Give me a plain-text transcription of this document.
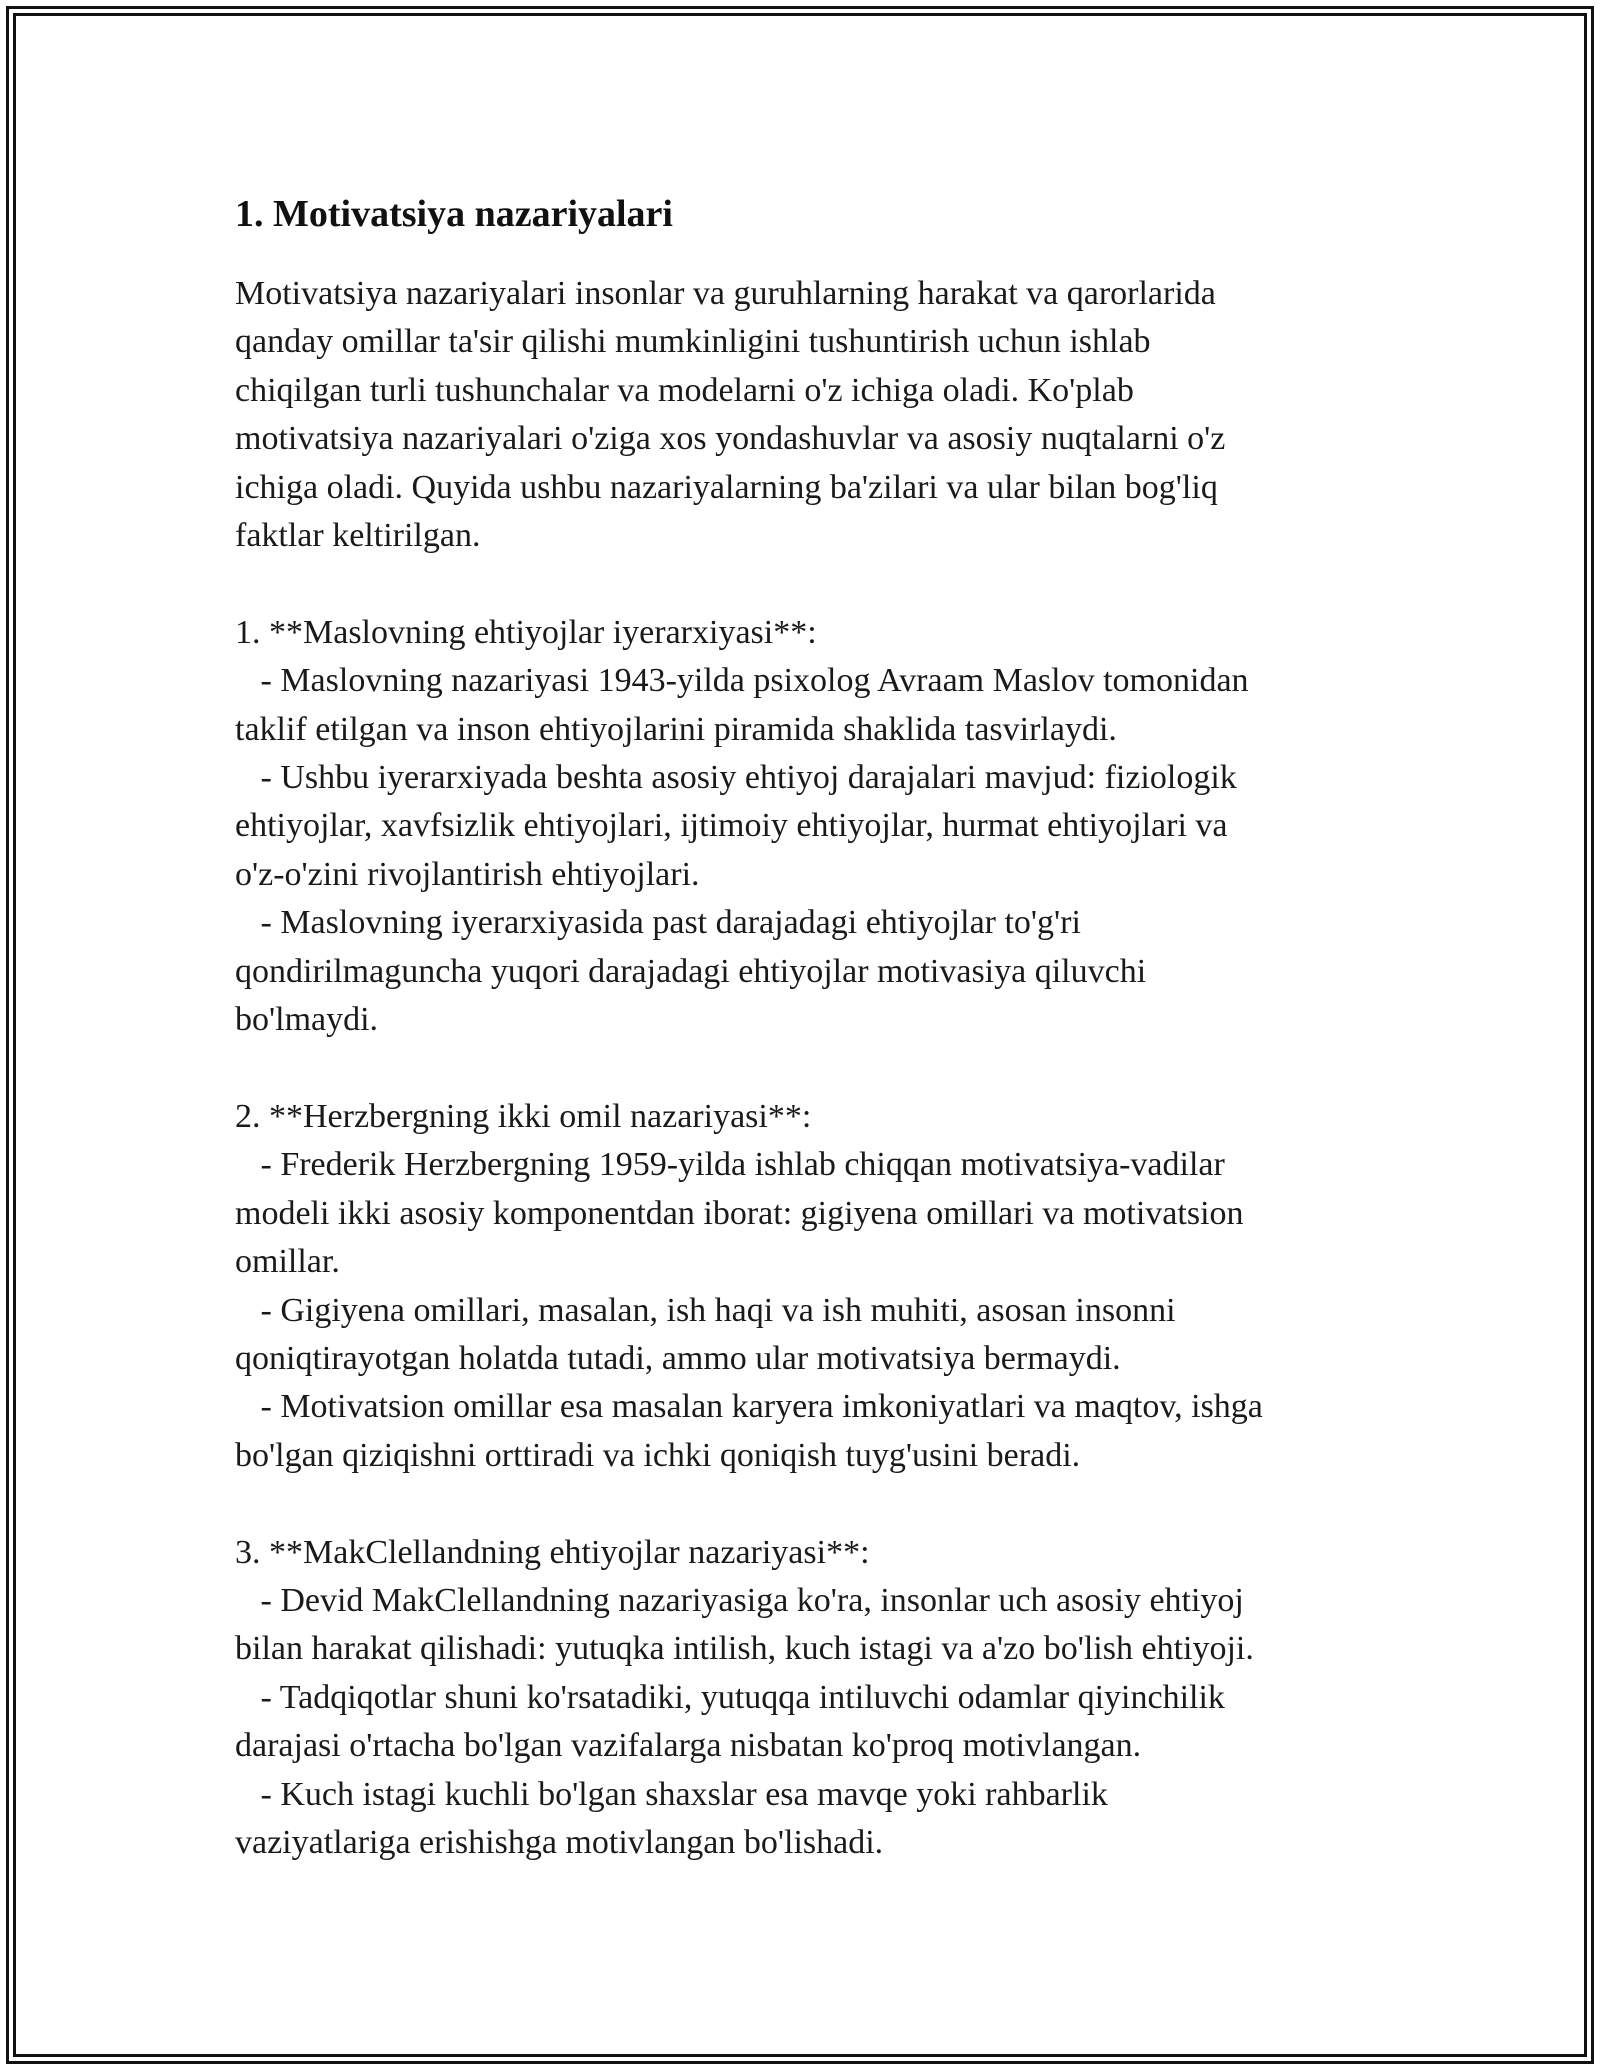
1. Motivatsiya nazariyalari
Motivatsiya nazariyalari insonlar va guruhlarning harakat va qarorlarida
qanday omillar ta'sir qilishi mumkinligini tushuntirish uchun ishlab
chiqilgan turli tushunchalar va modelarni o'z ichiga oladi. Ko'plab
motivatsiya nazariyalari o'ziga xos yondashuvlar va asosiy nuqtalarni o'z
ichiga oladi. Quyida ushbu nazariyalarning ba'zilari va ular bilan bog'liq
faktlar keltirilgan.
1. **Maslovning ehtiyojlar iyerarxiyasi**:
- Maslovning nazariyasi 1943-yilda psixolog Avraam Maslov tomonidan
taklif etilgan va inson ehtiyojlarini piramida shaklida tasvirlaydi.
- Ushbu iyerarxiyada beshta asosiy ehtiyoj darajalari mavjud: fiziologik
ehtiyojlar, xavfsizlik ehtiyojlari, ijtimoiy ehtiyojlar, hurmat ehtiyojlari va
o'z-o'zini rivojlantirish ehtiyojlari.
- Maslovning iyerarxiyasida past darajadagi ehtiyojlar to'g'ri
qondirilmaguncha yuqori darajadagi ehtiyojlar motivasiya qiluvchi
bo'lmaydi.
2. **Herzbergning ikki omil nazariyasi**:
- Frederik Herzbergning 1959-yilda ishlab chiqqan motivatsiya-vadilar
modeli ikki asosiy komponentdan iborat: gigiyena omillari va motivatsion
omillar.
- Gigiyena omillari, masalan, ish haqi va ish muhiti, asosan insonni
qoniqtirayotgan holatda tutadi, ammo ular motivatsiya bermaydi.
- Motivatsion omillar esa masalan karyera imkoniyatlari va maqtov, ishga
bo'lgan qiziqishni orttiradi va ichki qoniqish tuyg'usini beradi.
3. **MakClellandning ehtiyojlar nazariyasi**:
- Devid MakClellandning nazariyasiga ko'ra, insonlar uch asosiy ehtiyoj
bilan harakat qilishadi: yutuqka intilish, kuch istagi va a'zo bo'lish ehtiyoji.
- Tadqiqotlar shuni ko'rsatadiki, yutuqqa intiluvchi odamlar qiyinchilik
darajasi o'rtacha bo'lgan vazifalarga nisbatan ko'proq motivlangan.
- Kuch istagi kuchli bo'lgan shaxslar esa mavqe yoki rahbarlik
vaziyatlariga erishishga motivlangan bo'lishadi.
